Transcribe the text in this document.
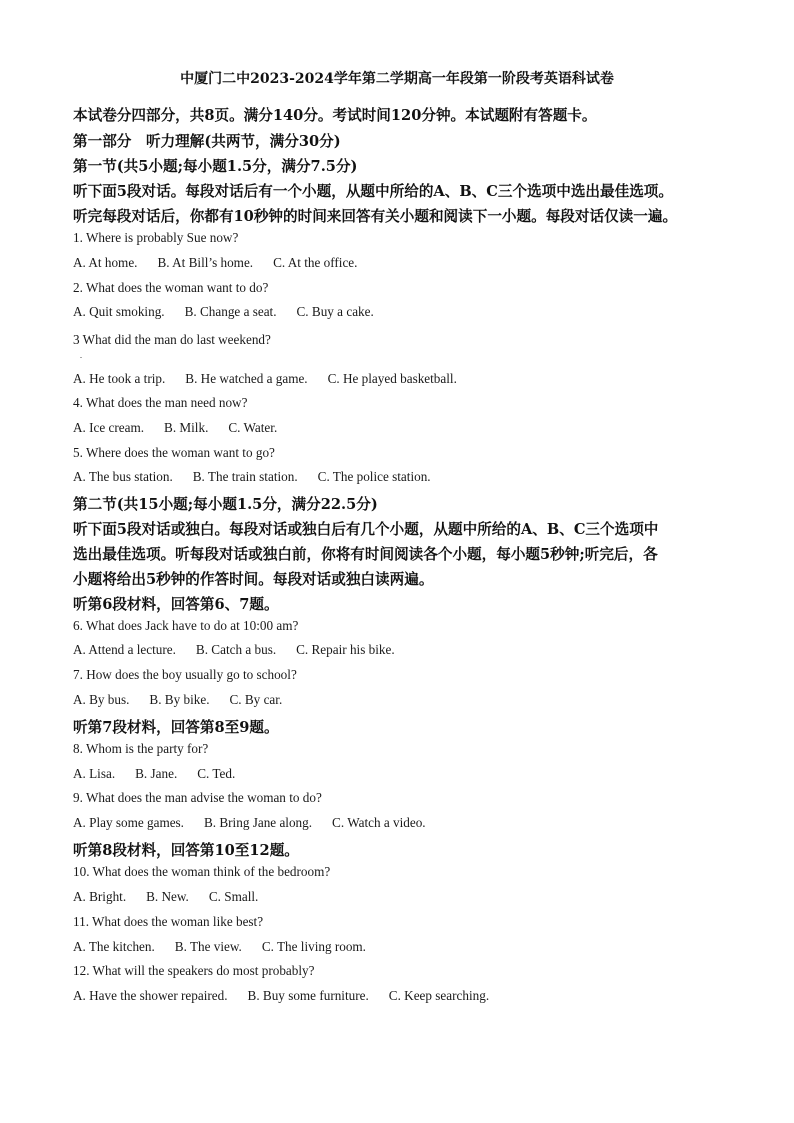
中厦门二中2023-2024学年第二学期高一年段第一阶段考英语科试卷
本试卷分四部分，共8页。满分140分。考试时间120分钟。本试题附有答题卡。
第一部分　听力理解(共两节，满分30分)
第一节(共5小题;每小题1.5分，满分7.5分)
听下面5段对话。每段对话后有一个小题，从题中所给的A、B、C三个选项中选出最佳选项。
听完每段对话后，你都有10秒钟的时间来回答有关小题和阅读下一小题。每段对话仅读一遍。
1. Where is probably Sue now?
A. At home. B. At Bill’s home. C. At the office.
2. What does the woman want to do?
A. Quit smoking. B. Change a seat. C. Buy a cake.
3 What did the man do last weekend?
.
A. He took a trip. B. He watched a game. C. He played basketball.
4. What does the man need now?
A. Ice cream. B. Milk. C. Water.
5. Where does the woman want to go?
A. The bus station. B. The train station. C. The police station.
第二节(共15小题;每小题1.5分，满分22.5分)
听下面5段对话或独白。每段对话或独白后有几个小题，从题中所给的A、B、C三个选项中
选出最佳选项。听每段对话或独白前，你将有时间阅读各个小题，每小题5秒钟;听完后，各
小题将给出5秒钟的作答时间。每段对话或独白读两遍。
听第6段材料，回答第6、7题。
6. What does Jack have to do at 10:00 am?
A. Attend a lecture. B. Catch a bus. C. Repair his bike.
7. How does the boy usually go to school?
A. By bus. B. By bike. C. By car.
听第7段材料，回答第8至9题。
8. Whom is the party for?
A. Lisa. B. Jane. C. Ted.
9. What does the man advise the woman to do?
A. Play some games. B. Bring Jane along. C. Watch a video.
听第8段材料，回答第10至12题。
10. What does the woman think of the bedroom?
A. Bright. B. New. C. Small.
11. What does the woman like best?
A. The kitchen. B. The view. C. The living room.
12. What will the speakers do most probably?
A. Have the shower repaired. B. Buy some furniture. C. Keep searching.
